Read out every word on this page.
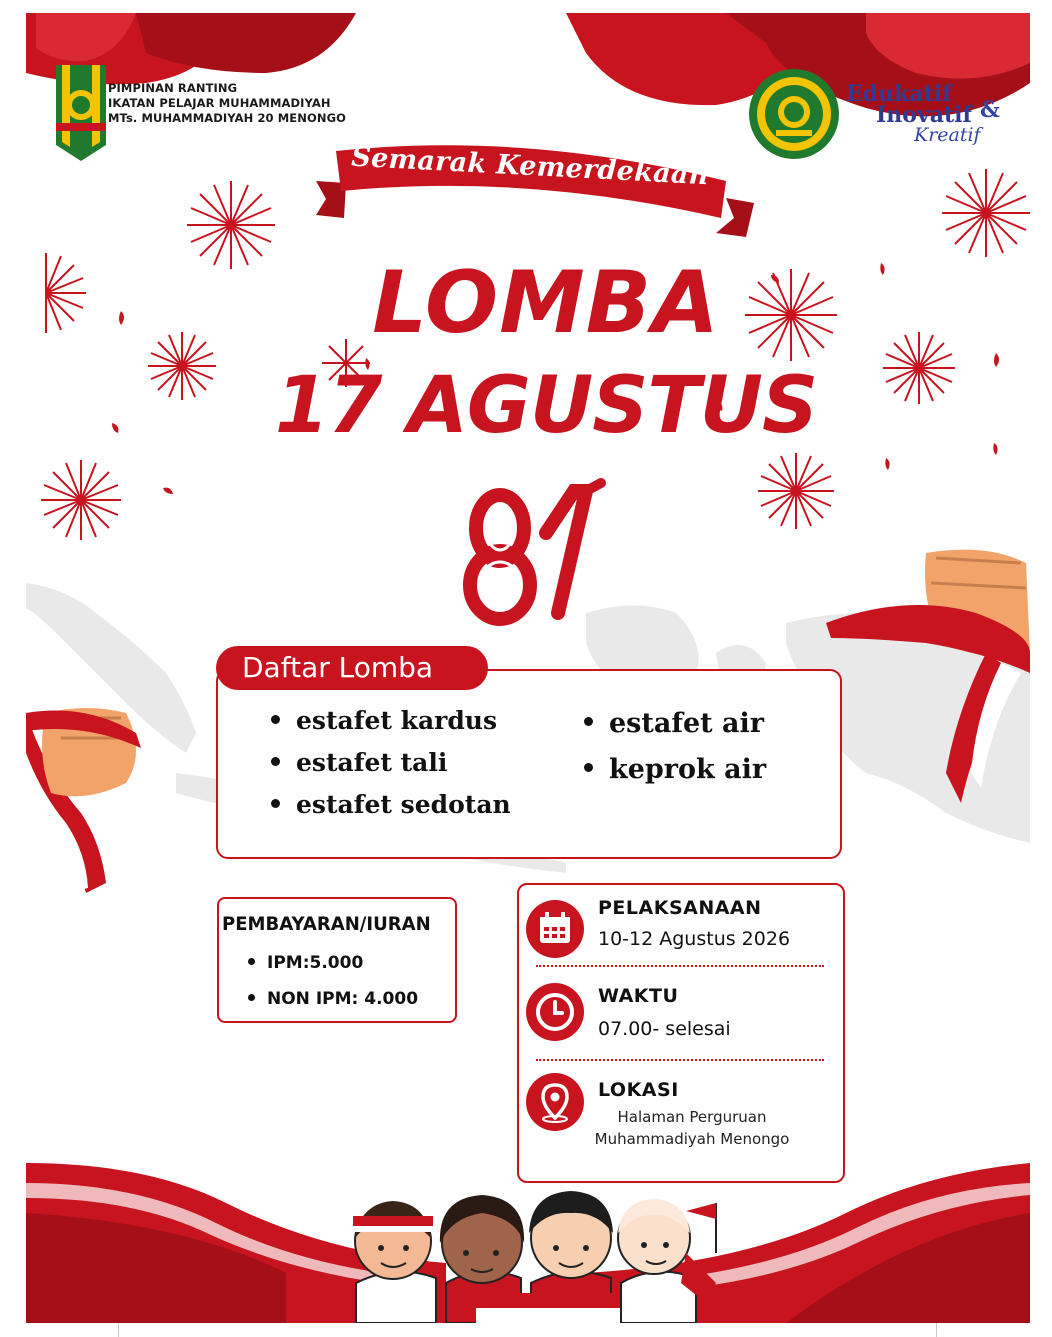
PIMPINAN RANTING
IKATAN PELAJAR MUHAMMADIYAH
MTs. MUHAMMADIYAH 20 MENONGO
Edukatif
Inovatif &
Kreatif
Semarak Kemerdekaan
LOMBA
17 AGUSTUS
Daftar Lomba
estafet kardus
estafet tali
estafet sedotan
estafet air
keprok air
PEMBAYARAN/IURAN
IPM:5.000
NON IPM: 4.000
PELAKSANAAN
10-12 Agustus 2026
WAKTU
07.00- selesai
LOKASI
Halaman Perguruan
Muhammadiyah Menongo
